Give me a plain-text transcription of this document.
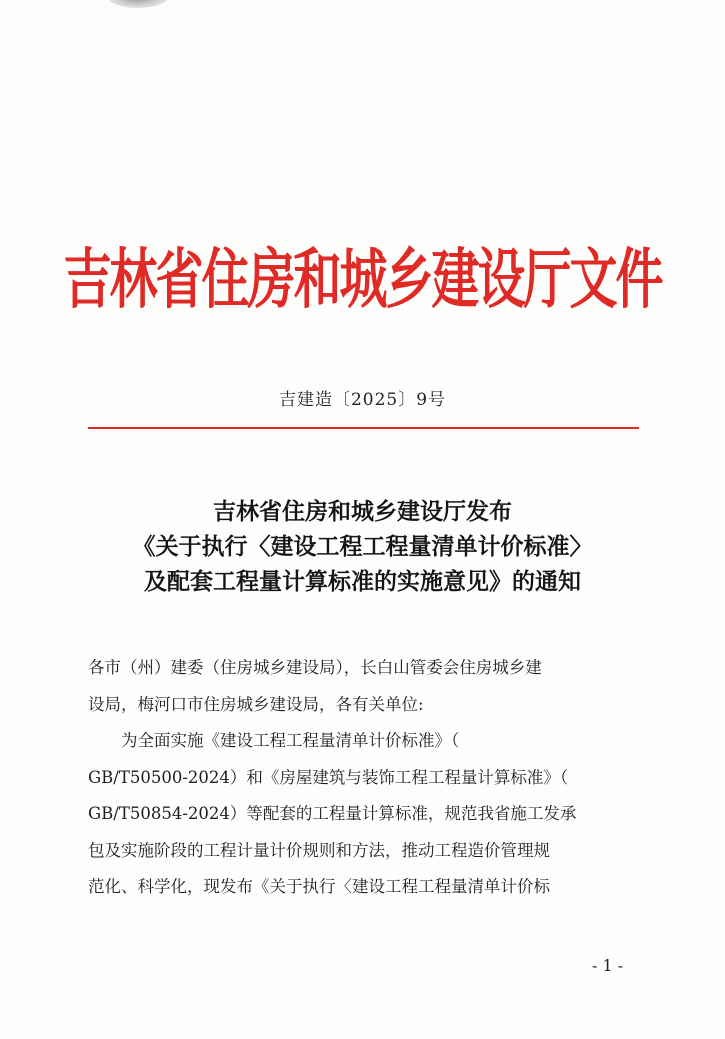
吉林省住房和城乡建设厅文件
吉建造〔2025〕9号
吉林省住房和城乡建设厅发布
《关于执行〈建设工程工程量清单计价标准〉
及配套工程量计算标准的实施意见》的通知
各市（州）建委（住房城乡建设局），长白山管委会住房城乡建
设局，梅河口市住房城乡建设局，各有关单位:
　　为全面实施《建设工程工程量清单计价标准》（
GB/T50500-2024）和《房屋建筑与装饰工程工程量计算标准》（
GB/T50854-2024）等配套的工程量计算标准，规范我省施工发承
包及实施阶段的工程计量计价规则和方法，推动工程造价管理规
范化、科学化，现发布《关于执行〈建设工程工程量清单计价标
- 1 -
